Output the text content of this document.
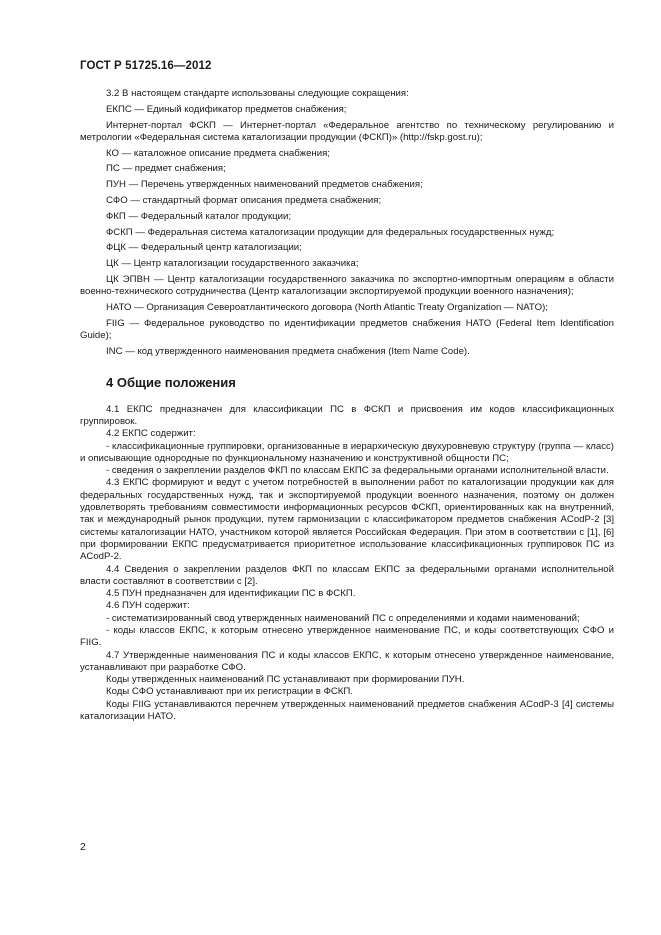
ГОСТ Р 51725.16—2012

3.2 В настоящем стандарте использованы следующие сокращения:

ЕКПС — Единый кодификатор предметов снабжения;

Интернет-портал ФСКП — Интернет-портал «Федеральное агентство по техническому регулированию и метрологии «Федеральная система каталогизации продукции (ФСКП)» (http://fskp.gost.ru);

КО — каталожное описание предмета снабжения;

ПС — предмет снабжения;

ПУН — Перечень утвержденных наименований предметов снабжения;

СФО — стандартный формат описания предмета снабжения;

ФКП — Федеральный каталог продукции;

ФСКП — Федеральная система каталогизации продукции для федеральных государственных нужд;

ФЦК — Федеральный центр каталогизации;

ЦК — Центр каталогизации государственного заказчика;

ЦК ЭПВН — Центр каталогизации государственного заказчика по экспортно-импортным операциям в области военно-технического сотрудничества (Центр каталогизации экспортируемой продукции военного назначения);

НАТО — Организация Североатлантического договора (North Atlantic Treaty Organization — NATO);

FIIG — Федеральное руководство по идентификации предметов снабжения НАТО (Federal Item Identification Guide);

INC — код утвержденного наименования предмета снабжения (Item Name Code).

4 Общие положения

4.1 ЕКПС предназначен для классификации ПС в ФСКП и присвоения им кодов классификационных группировок.

4.2 ЕКПС содержит:

- классификационные группировки, организованные в иерархическую двухуровневую структуру (группа — класс) и описывающие однородные по функциональному назначению и конструктивной общности ПС;

- сведения о закреплении разделов ФКП по классам ЕКПС за федеральными органами исполнительной власти.

4.3 ЕКПС формируют и ведут с учетом потребностей в выполнении работ по каталогизации продукции как для федеральных государственных нужд, так и экспортируемой продукции военного назначения, поэтому он должен удовлетворять требованиям совместимости информационных ресурсов ФСКП, ориентированных как на внутренний, так и международный рынок продукции, путем гармонизации с классификатором предметов снабжения ACodP-2 [3] системы каталогизации НАТО, участником которой является Российская Федерация. При этом в соответствии с [1], [6] при формировании ЕКПС предусматривается приоритетное использование классификационных группировок ПС из ACodP-2.

4.4 Сведения о закреплении разделов ФКП по классам ЕКПС за федеральными органами исполнительной власти составляют в соответствии с [2].

4.5 ПУН предназначен для идентификации ПС в ФСКП.

4.6 ПУН содержит:

- систематизированный свод утвержденных наименований ПС с определениями и кодами наименований;

- коды классов ЕКПС, к которым отнесено утвержденное наименование ПС, и коды соответствующих СФО и FIIG.

4.7 Утвержденные наименования ПС и коды классов ЕКПС, к которым отнесено утвержденное наименование, устанавливают при разработке СФО.

Коды утвержденных наименований ПС устанавливают при формировании ПУН.

Коды СФО устанавливают при их регистрации в ФСКП.

Коды FIIG устанавливаются перечнем утвержденных наименований предметов снабжения ACodP-3 [4] системы каталогизации НАТО.

2
